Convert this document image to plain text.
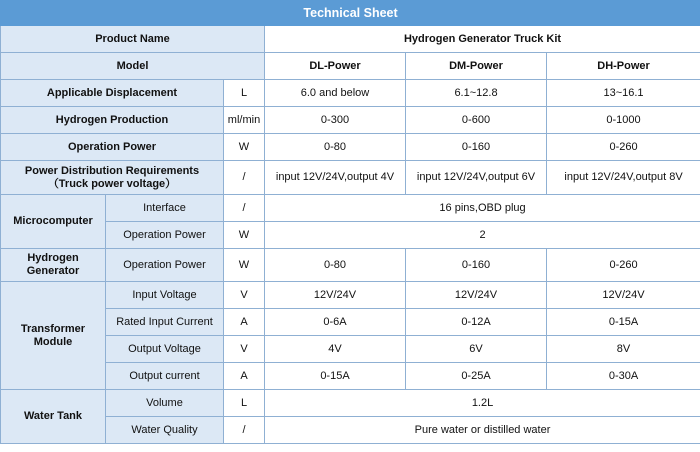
Technical Sheet					
Product Name			Hydrogen Generator Truck Kit		
Model			DL-Power	DM-Power	DH-Power
Applicable Displacement		L	6.0 and below	6.1~12.8	13~16.1
Hydrogen Production		ml/min	0-300	0-600	0-1000
Operation Power		W	0-80	0-160	0-260

Power Distribution Requirements
（Truck power voltage）		/	input 12V/24V,output 4V	input 12V/24V,output 6V	input 12V/24V,output 8V
Microcomputer	Interface	/	16 pins,OBD plug		
	Operation Power	W	2		

Hydrogen
Generator	Operation Power	W	0-80	0-160	0-260

Transformer
Module	Input Voltage	V	12V/24V	12V/24V	12V/24V
	Rated Input Current	A	0-6A	0-12A	0-15A
	Output Voltage	V	4V	6V	8V
	Output current	A	0-15A	0-25A	0-30A
Water Tank	Volume	L	1.2L		
	Water Quality	/	Pure water or distilled water		
